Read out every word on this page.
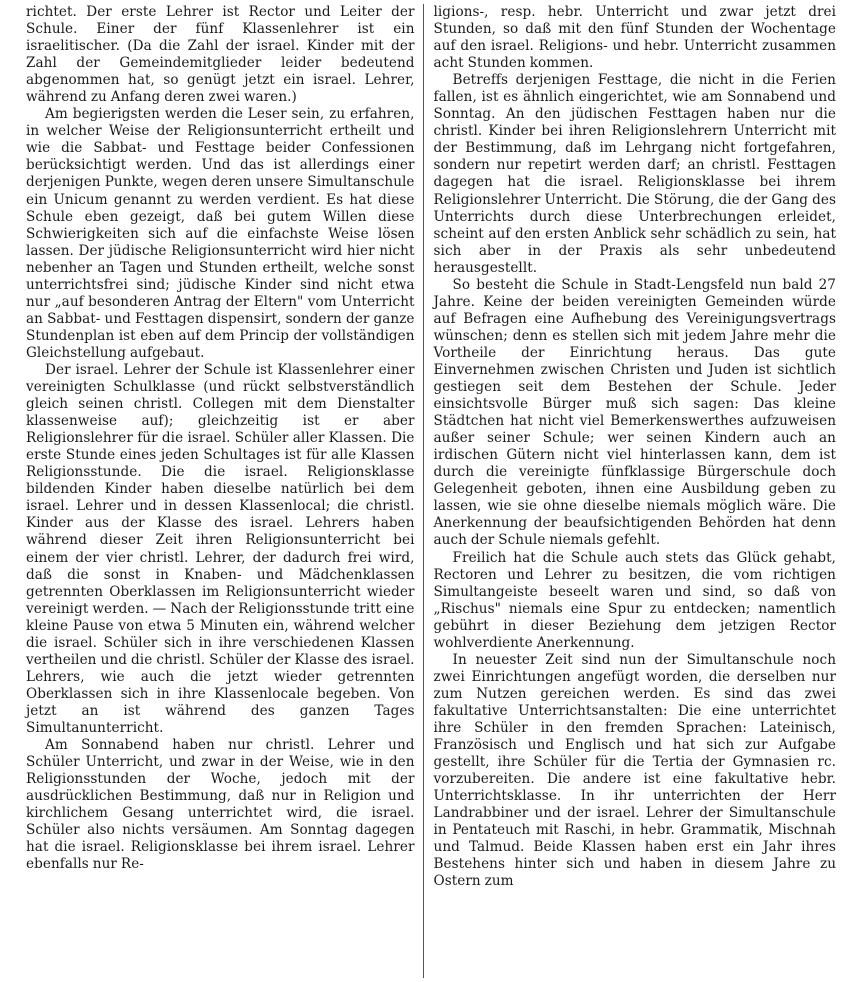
richtet. Der erste Lehrer ist Rector und Leiter der Schule. Einer der fünf Klassenlehrer ist ein israelitischer. (Da die Zahl der israel. Kinder mit der Zahl der Gemeindemitglieder leider bedeutend abgenommen hat, so genügt jetzt ein israel. Lehrer, während zu Anfang deren zwei waren.)

Am begierigsten werden die Leser sein, zu erfahren, in welcher Weise der Religionsunterricht ertheilt und wie die Sabbat- und Festtage beider Confessionen berücksichtigt werden. Und das ist allerdings einer derjenigen Punkte, wegen deren unsere Simultanschule ein Unicum genannt zu werden verdient. Es hat diese Schule eben gezeigt, daß bei gutem Willen diese Schwierigkeiten sich auf die einfachste Weise lösen lassen. Der jüdische Religionsunterricht wird hier nicht nebenher an Tagen und Stunden ertheilt, welche sonst unterrichtsfrei sind; jüdische Kinder sind nicht etwa nur „auf besonderen Antrag der Eltern" vom Unterricht an Sabbat- und Festtagen dispensirt, sondern der ganze Stundenplan ist eben auf dem Princip der vollständigen Gleichstellung aufgebaut.

Der israel. Lehrer der Schule ist Klassenlehrer einer vereinigten Schulklasse (und rückt selbstverständlich gleich seinen christl. Collegen mit dem Dienstalter klassenweise auf); gleichzeitig ist er aber Religionslehrer für die israel. Schüler aller Klassen. Die erste Stunde eines jeden Schultages ist für alle Klassen Religionsstunde. Die die israel. Religionsklasse bildenden Kinder haben dieselbe natürlich bei dem israel. Lehrer und in dessen Klassenlocal; die christl. Kinder aus der Klasse des israel. Lehrers haben während dieser Zeit ihren Religionsunterricht bei einem der vier christl. Lehrer, der dadurch frei wird, daß die sonst in Knaben- und Mädchenklassen getrennten Oberklassen im Religionsunterricht wieder vereinigt werden. — Nach der Religionsstunde tritt eine kleine Pause von etwa 5 Minuten ein, während welcher die israel. Schüler sich in ihre verschiedenen Klassen vertheilen und die christl. Schüler der Klasse des israel. Lehrers, wie auch die jetzt wieder getrennten Oberklassen sich in ihre Klassenlocale begeben. Von jetzt an ist während des ganzen Tages Simultanunterricht.

Am Sonnabend haben nur christl. Lehrer und Schüler Unterricht, und zwar in der Weise, wie in den Religionsstunden der Woche, jedoch mit der ausdrücklichen Bestimmung, daß nur in Religion und kirchlichem Gesang unterrichtet wird, die israel. Schüler also nichts versäumen. Am Sonntag dagegen hat die israel. Religionsklasse bei ihrem israel. Lehrer ebenfalls nur Re-

ligions-, resp. hebr. Unterricht und zwar jetzt drei Stunden, so daß mit den fünf Stunden der Wochentage auf den israel. Religions- und hebr. Unterricht zusammen acht Stunden kommen.

Betreffs derjenigen Festtage, die nicht in die Ferien fallen, ist es ähnlich eingerichtet, wie am Sonnabend und Sonntag. An den jüdischen Festtagen haben nur die christl. Kinder bei ihren Religionslehrern Unterricht mit der Bestimmung, daß im Lehrgang nicht fortgefahren, sondern nur repetirt werden darf; an christl. Festtagen dagegen hat die israel. Religionsklasse bei ihrem Religionslehrer Unterricht. Die Störung, die der Gang des Unterrichts durch diese Unterbrechungen erleidet, scheint auf den ersten Anblick sehr schädlich zu sein, hat sich aber in der Praxis als sehr unbedeutend herausgestellt.

So besteht die Schule in Stadt-Lengsfeld nun bald 27 Jahre. Keine der beiden vereinigten Gemeinden würde auf Befragen eine Aufhebung des Vereinigungsvertrags wünschen; denn es stellen sich mit jedem Jahre mehr die Vortheile der Einrichtung heraus. Das gute Einvernehmen zwischen Christen und Juden ist sichtlich gestiegen seit dem Bestehen der Schule. Jeder einsichtsvolle Bürger muß sich sagen: Das kleine Städtchen hat nicht viel Bemerkenswerthes aufzuweisen außer seiner Schule; wer seinen Kindern auch an irdischen Gütern nicht viel hinterlassen kann, dem ist durch die vereinigte fünfklassige Bürgerschule doch Gelegenheit geboten, ihnen eine Ausbildung geben zu lassen, wie sie ohne dieselbe niemals möglich wäre. Die Anerkennung der beaufsichtigenden Behörden hat denn auch der Schule niemals gefehlt.

Freilich hat die Schule auch stets das Glück gehabt, Rectoren und Lehrer zu besitzen, die vom richtigen Simultangeiste beseelt waren und sind, so daß von „Rischus" niemals eine Spur zu entdecken; namentlich gebührt in dieser Beziehung dem jetzigen Rector wohlverdiente Anerkennung.

In neuester Zeit sind nun der Simultanschule noch zwei Einrichtungen angefügt worden, die derselben nur zum Nutzen gereichen werden. Es sind das zwei fakultative Unterrichtsanstalten: Die eine unterrichtet ihre Schüler in den fremden Sprachen: Lateinisch, Französisch und Englisch und hat sich zur Aufgabe gestellt, ihre Schüler für die Tertia der Gymnasien rc. vorzubereiten. Die andere ist eine fakultative hebr. Unterrichtsklasse. In ihr unterrichten der Herr Landrabbiner und der israel. Lehrer der Simultanschule in Pentateuch mit Raschi, in hebr. Grammatik, Mischnah und Talmud. Beide Klassen haben erst ein Jahr ihres Bestehens hinter sich und haben in diesem Jahre zu Ostern zum
